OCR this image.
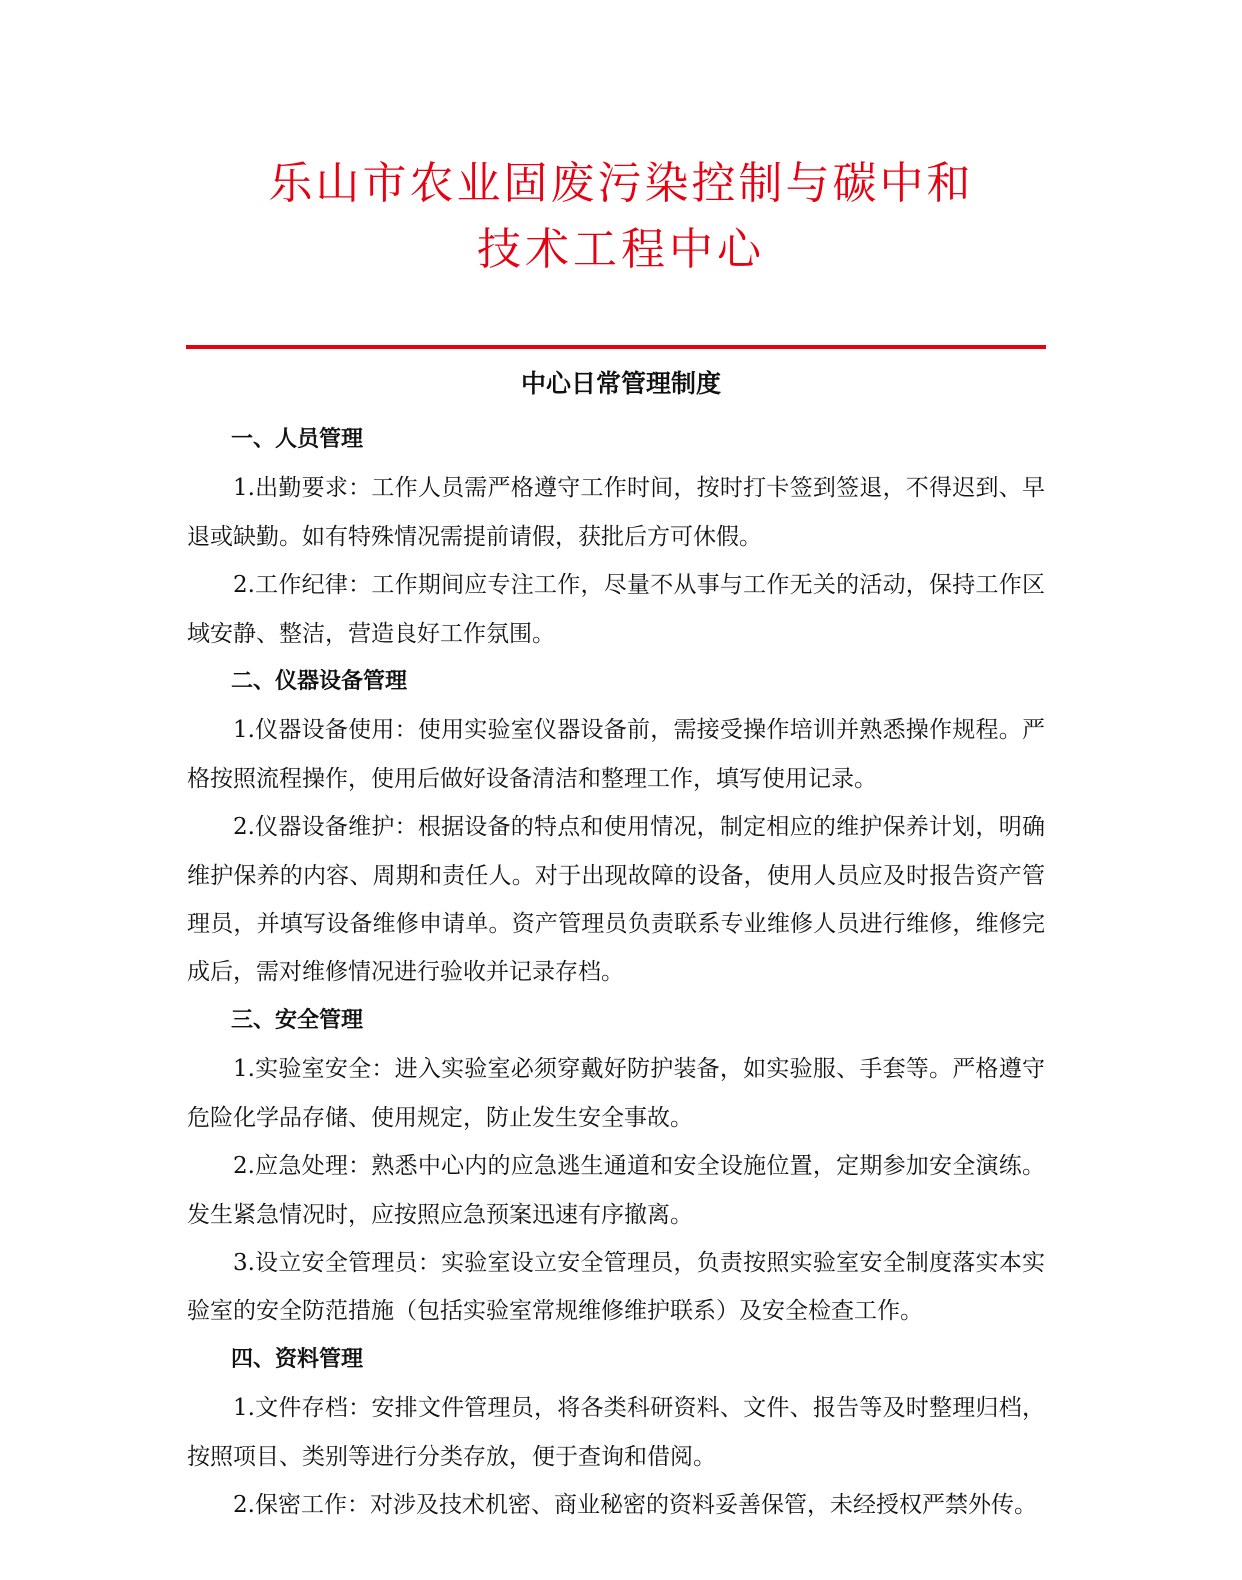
乐山市农业固废污染控制与碳中和
技术工程中心
中心日常管理制度
一、人员管理

1.出勤要求：工作人员需严格遵守工作时间，按时打卡签到签退，不得迟到、早退或缺勤。如有特殊情况需提前请假，获批后方可休假。

2.工作纪律：工作期间应专注工作，尽量不从事与工作无关的活动，保持工作区域安静、整洁，营造良好工作氛围。

二、仪器设备管理

1.仪器设备使用：使用实验室仪器设备前，需接受操作培训并熟悉操作规程。严格按照流程操作，使用后做好设备清洁和整理工作，填写使用记录。

2.仪器设备维护：根据设备的特点和使用情况，制定相应的维护保养计划，明确维护保养的内容、周期和责任人。对于出现故障的设备，使用人员应及时报告资产管理员，并填写设备维修申请单。资产管理员负责联系专业维修人员进行维修，维修完成后，需对维修情况进行验收并记录存档。

三、安全管理

1.实验室安全：进入实验室必须穿戴好防护装备，如实验服、手套等。严格遵守危险化学品存储、使用规定，防止发生安全事故。

2.应急处理：熟悉中心内的应急逃生通道和安全设施位置，定期参加安全演练。发生紧急情况时，应按照应急预案迅速有序撤离。

3.设立安全管理员：实验室设立安全管理员，负责按照实验室安全制度落实本实验室的安全防范措施（包括实验室常规维修维护联系）及安全检查工作。

四、资料管理

1.文件存档：安排文件管理员，将各类科研资料、文件、报告等及时整理归档，按照项目、类别等进行分类存放，便于查询和借阅。

2.保密工作：对涉及技术机密、商业秘密的资料妥善保管，未经授权严禁外传。
